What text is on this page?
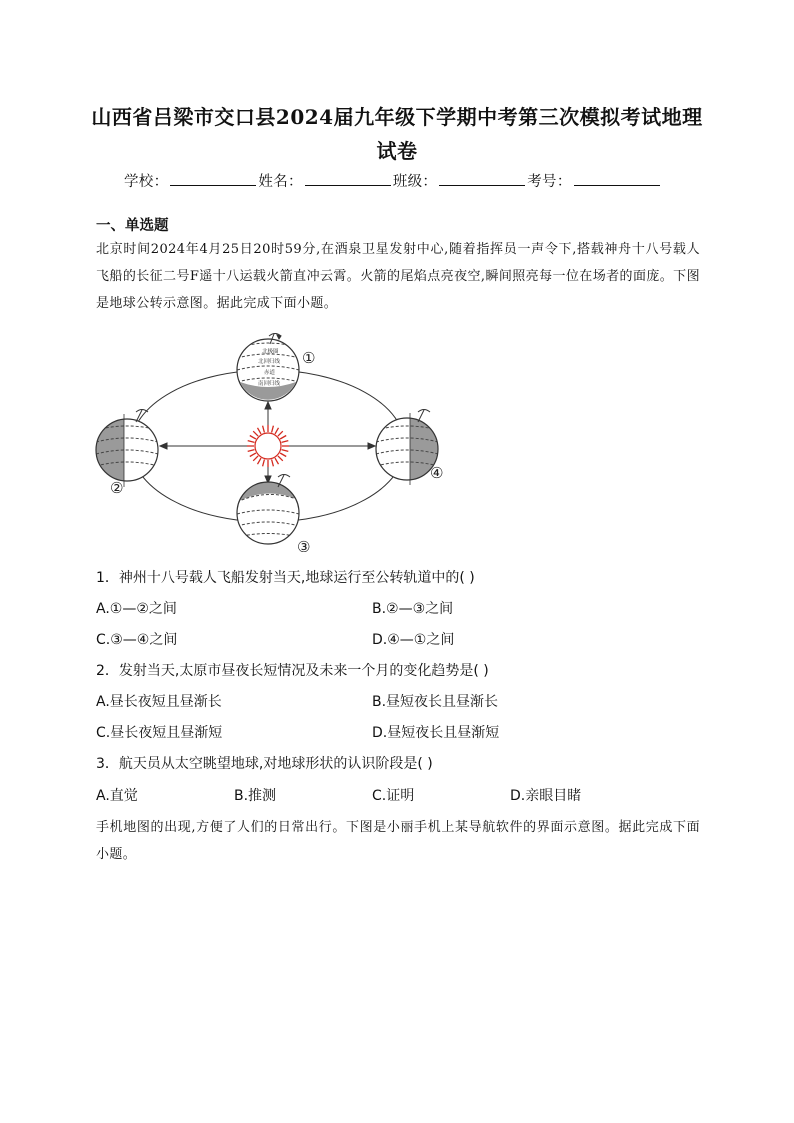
山西省吕梁市交口县2024届九年级下学期中考第三次模拟考试地理试卷
学校：	姓名：	班级：	考号：
一、单选题

北京时间2024年4月25日20时59分,在酒泉卫星发射中心,随着指挥员一声令下,搭载神舟十八号载人飞船的长征二号F遥十八运载火箭直冲云霄。火箭的尾焰点亮夜空,瞬间照亮每一位在场者的面庞。下图是地球公转示意图。据此完成下面小题。

北极圈
北回归线
赤道
南回归线
①
②
③
④
1．神州十八号载人飞船发射当天,地球运行至公转轨道中的( )
A.①—②之间	B.②—③之间
C.③—④之间	D.④—①之间
2．发射当天,太原市昼夜长短情况及未来一个月的变化趋势是( )
A.昼长夜短且昼渐长	B.昼短夜长且昼渐长
C.昼长夜短且昼渐短	D.昼短夜长且昼渐短
3．航天员从太空眺望地球,对地球形状的认识阶段是( )
A.直觉	B.推测	C.证明	D.亲眼目睹

手机地图的出现,方便了人们的日常出行。下图是小丽手机上某导航软件的界面示意图。据此完成下面小题。
